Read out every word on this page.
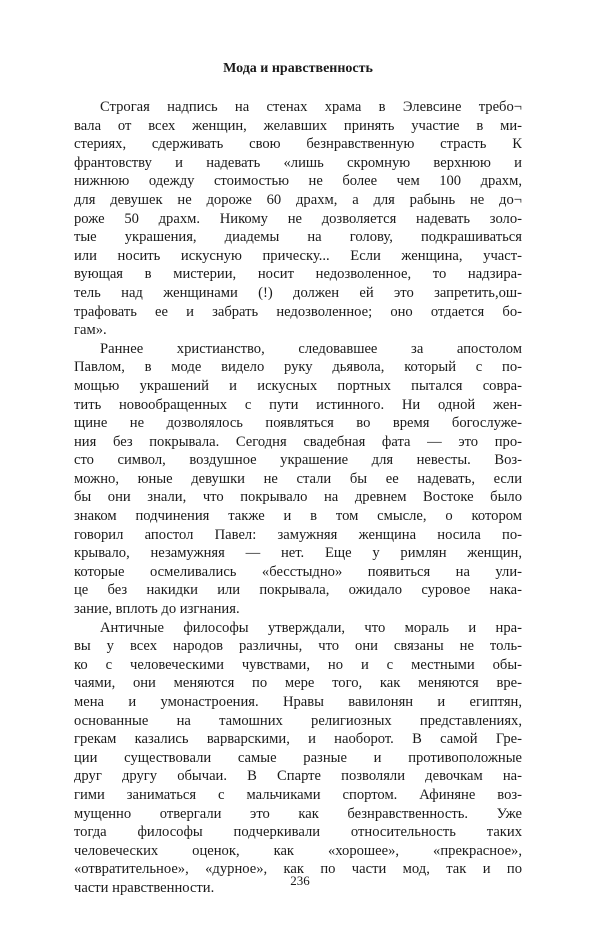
Мода и нравственность
Строгая надпись на стенах храма в Элевсине требо¬
вала от всех женщин, желавших принять участие в ми-
стериях, сдерживать свою безнравственную страсть К
франтовству и надевать «лишь скромную верхнюю и
нижнюю одежду стоимостью не более чем 100 драхм,
для девушек не дороже 60 драхм, а для рабынь не до¬
роже 50 драхм. Никому не дозволяется надевать золо-
тые украшения, диадемы на голову, подкрашиваться
или носить искусную прическу... Если женщина, участ-
вующая в мистерии, носит недозволенное, то надзира-
тель над женщинами (!) должен ей это запретить,ош-
трафовать ее и забрать недозволенное; оно отдается бо-
гам».
Раннее христианство, следовавшее за апостолом
Павлом, в моде видело руку дьявола, который с по-
мощью украшений и искусных портных пытался соврa-
тить новообращенных с пути истинного. Ни одной жен-
щине не дозволялось появляться во время богослуже-
ния без покрывала. Сегодня свадебная фата — это про-
сто символ, воздушное украшение для невесты. Воз-
можно, юные девушки не стали бы ее надевать, если
бы они знали, что покрывало на древнем Востоке было
знаком подчинения также и в том смысле, о котором
говорил апостол Павел: замужняя женщина носила по-
крывало, незамужняя — нет. Еще у римлян женщин,
которые осмеливались «бесстыдно» появиться на ули-
це без накидки или покрывала, ожидало суровое нака-
зание, вплоть до изгнания.
Античные философы утверждали, что мораль и нра-
вы у всех народов различны, что они связаны не толь-
ко с человеческими чувствами, но и с местными обы-
чаями, они меняются по мере того, как меняются вре-
мена и умонастроения. Нравы вавилонян и египтян,
основанные на тамошних религиозных представлениях,
грекам казались варварскими, и наоборот. В самой Гре-
ции существовали самые разные и противоположные
друг другу обычаи. В Спарте позволяли девочкам на-
гими заниматься с мальчиками спортом. Афиняне воз-
мущенно отвергали это как безнравственность. Уже
тогда философы подчеркивали относительность таких
человеческих оценок, как «хорошее», «прекрасное»,
«отвратительное», «дурное», как по части мод, так и по
части нравственности.	236
